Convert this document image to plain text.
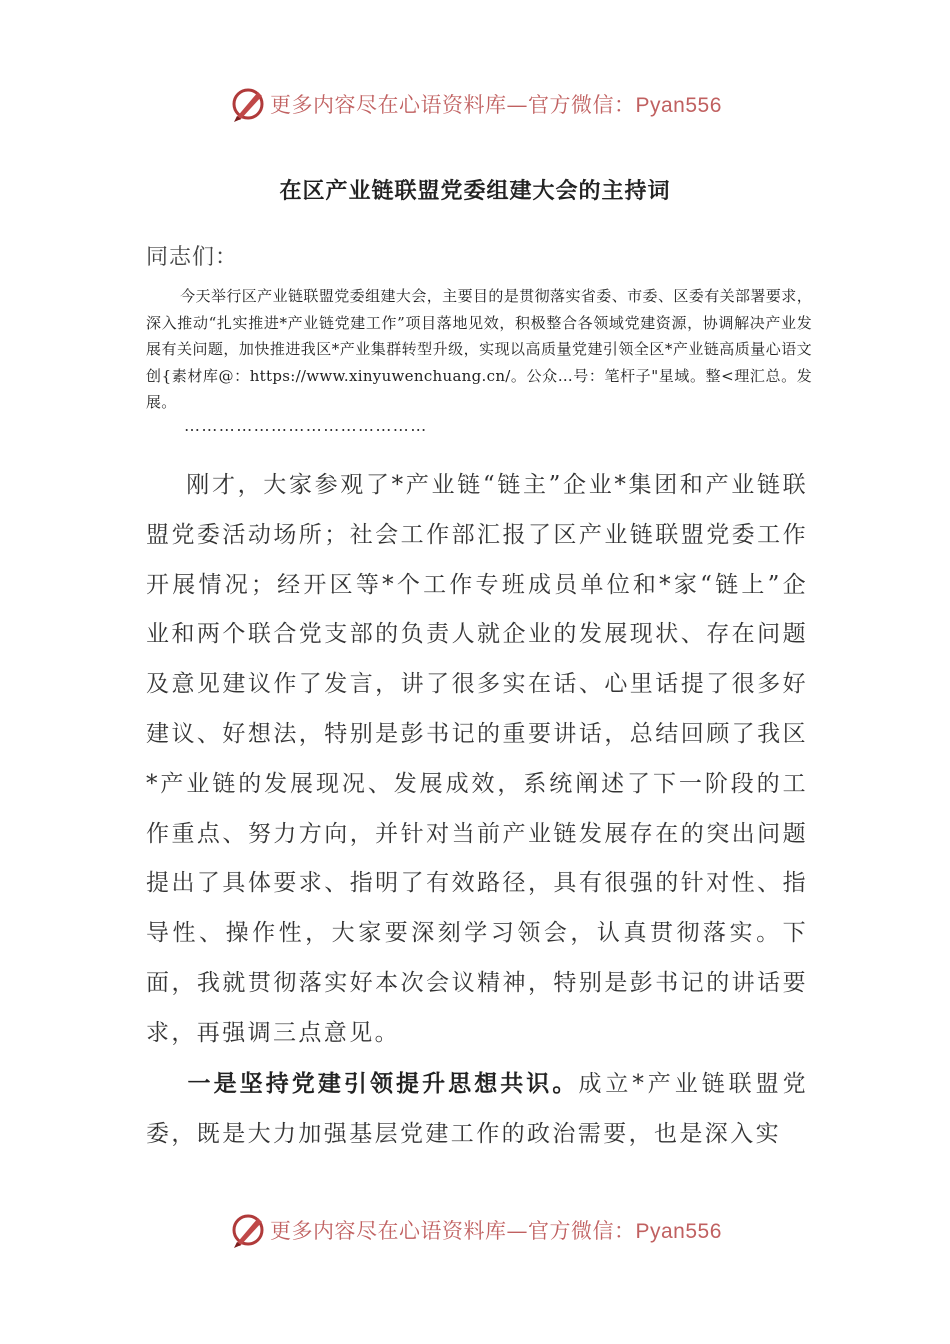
更多内容尽在心语资料库—官方微信：Pyan556
在区产业链联盟党委组建大会的主持词
同志们：
今天举行区产业链联盟党委组建大会，主要目的是贯彻落实省委、市委、区委有关部署要求，深入推动“扎实推进*产业链党建工作”项目落地见效，积极整合各领域党建资源，协调解决产业发展有关问题，加快推进我区*产业集群转型升级，实现以高质量党建引领全区*产业链高质量心语文创{素材库@：https://www.xinyuwenchuang.cn/。公众…号：笔杆子"星域。整<理汇总。发展。
……………………………………
刚才，大家参观了*产业链“链主”企业*集团和产业链联盟党委活动场所；社会工作部汇报了区产业链联盟党委工作开展情况；经开区等*个工作专班成员单位和*家“链上”企业和两个联合党支部的负责人就企业的发展现状、存在问题及意见建议作了发言，讲了很多实在话、心里话提了很多好建议、好想法，特别是彭书记的重要讲话，总结回顾了我区*产业链的发展现况、发展成效，系统阐述了下一阶段的工作重点、努力方向，并针对当前产业链发展存在的突出问题提出了具体要求、指明了有效路径，具有很强的针对性、指导性、操作性，大家要深刻学习领会，认真贯彻落实。下面，我就贯彻落实好本次会议精神，特别是彭书记的讲话要求，再强调三点意见。
一是坚持党建引领提升思想共识。成立*产业链联盟党委，既是大力加强基层党建工作的政治需要，也是深入实
更多内容尽在心语资料库—官方微信：Pyan556
